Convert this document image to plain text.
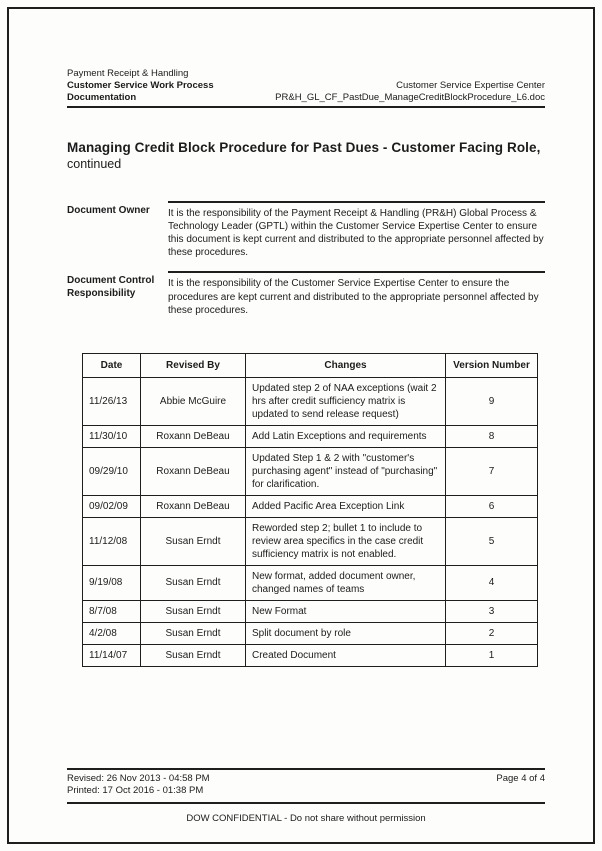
Payment Receipt & Handling
Customer Service Work Process Documentation
Customer Service Expertise Center
PR&H_GL_CF_PastDue_ManageCreditBlockProcedure_L6.doc
Managing Credit Block Procedure for Past Dues - Customer Facing Role,
continued
Document Owner	It is the responsibility of the Payment Receipt & Handling (PR&H) Global Process & Technology Leader (GPTL) within the Customer Service Expertise Center to ensure this document is kept current and distributed to the appropriate personnel affected by these procedures.
Document Control Responsibility
It is the responsibility of the Customer Service Expertise Center to ensure the procedures are kept current and distributed to the appropriate personnel affected by these procedures.
Date	Revised By	Changes	Version Number
11/26/13	Abbie McGuire	Updated step 2 of NAA exceptions (wait 2 hrs after credit sufficiency matrix is updated to send release request)	9
11/30/10	Roxann DeBeau	Add Latin Exceptions and requirements	8
09/29/10	Roxann DeBeau	Updated Step 1 & 2 with "customer's purchasing agent" instead of "purchasing" for clarification.	7
09/02/09	Roxann DeBeau	Added Pacific Area Exception Link	6
11/12/08	Susan Erndt	Reworded step 2; bullet 1 to include to review area specifics in the case credit sufficiency matrix is not enabled.	5
9/19/08	Susan Erndt	New format, added document owner, changed names of teams	4
8/7/08	Susan Erndt	New Format	3
4/2/08	Susan Erndt	Split document by role	2
11/14/07	Susan Erndt	Created Document	1
Revised: 26 Nov 2013 - 04:58 PM
Printed: 17 Oct 2016 - 01:38 PM
Page 4 of 4
DOW CONFIDENTIAL - Do not share without permission
